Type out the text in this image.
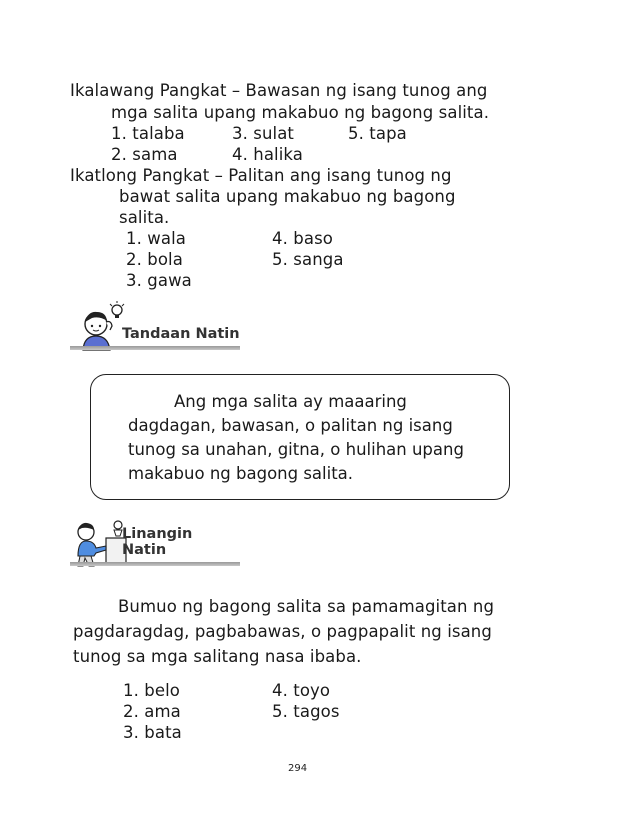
Ikalawang Pangkat – Bawasan ng isang tunog ang
mga salita upang makabuo ng bagong salita.
1. talaba	3. sulat	5. tapa
2. sama	4. halika
Ikatlong Pangkat – Palitan ang isang tunog ng
bawat salita upang makabuo ng bagong
salita.
1. wala	4. baso
2. bola	5. sanga
3. gawa
Tandaan Natin
Ang mga salita ay maaaring
dagdagan, bawasan, o palitan ng isang
tunog sa unahan, gitna, o hulihan upang
makabuo ng bagong salita.
Linangin Natin
Bumuo ng bagong salita sa pamamagitan ng
pagdaragdag, pagbabawas, o pagpapalit ng isang
tunog sa mga salitang nasa ibaba.
1. belo	4. toyo
2. ama	5. tagos
3. bata
294
